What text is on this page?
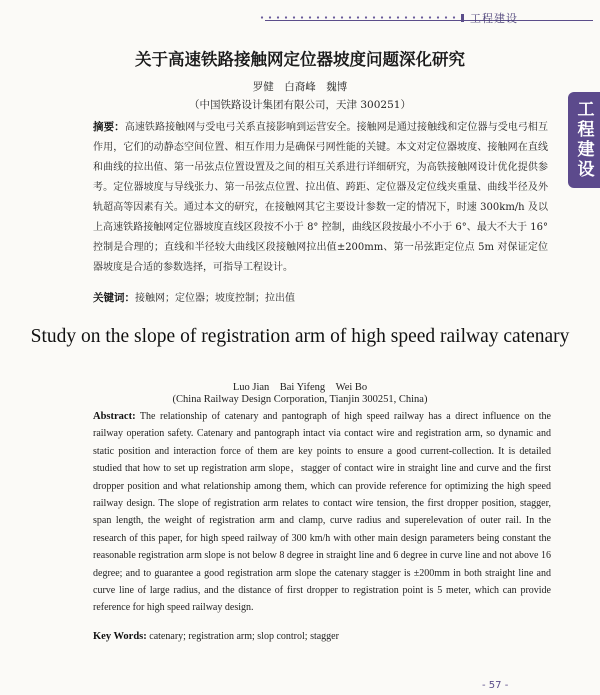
工程建设
工程建设
关于高速铁路接触网定位器坡度问题深化研究
罗健　白裔峰　魏博
（中国铁路设计集团有限公司，天津 300251）

摘要：高速铁路接触网与受电弓关系直接影响到运营安全。接触网是通过接触线和定位器与受电弓相互作用，它们的动静态空间位置、相互作用力是确保弓网性能的关键。本文对定位器坡度、接触网在直线和曲线的拉出值、第一吊弦点位置设置及之间的相互关系进行详细研究，为高铁接触网设计优化提供参考。定位器坡度与导线张力、第一吊弦点位置、拉出值、跨距、定位器及定位线夹重量、曲线半径及外轨超高等因素有关。通过本文的研究，在接触网其它主要设计参数一定的情况下，时速 300km/h 及以上高速铁路接触网定位器坡度直线区段按不小于 8° 控制，曲线区段按最小不小于 6°、最大不大于 16° 控制是合理的；直线和半径较大曲线区段接触网拉出值±200mm、第一吊弦距定位点 5m 对保证定位器坡度是合适的参数选择，可指导工程设计。

关键词：接触网；定位器；坡度控制；拉出值

Study on the slope of registration arm of high speed railway catenary
Luo Jian　Bai Yifeng　Wei Bo
(China Railway Design Corporation, Tianjin 300251, China)

Abstract: The relationship of catenary and pantograph of high speed railway has a direct influence on the railway operation safety. Catenary and pantograph intact via contact wire and registration arm, so dynamic and static position and interaction force of them are key points to ensure a good current-collection. It is detailed studied that how to set up registration arm slope，stagger of contact wire in straight line and curve and the first dropper position and what relationship among them, which can provide reference for optimizing the high speed railway design. The slope of registration arm relates to contact wire tension, the first dropper position, stagger, span length, the weight of registration arm and clamp, curve radius and superelevation of outer rail. In the research of this paper, for high speed railway of 300 km/h with other main design parameters being constant the reasonable registration arm slope is not below 8 degree in straight line and 6 degree in curve line and not above 16 degree; and to guarantee a good registration arm slope the catenary stagger is ±200mm in both straight line and curve line of large radius, and the distance of first dropper to registration point is 5 meter, which can provide reference for high speed railway design.

Key Words: catenary; registration arm; slop control; stagger

- 57 -
